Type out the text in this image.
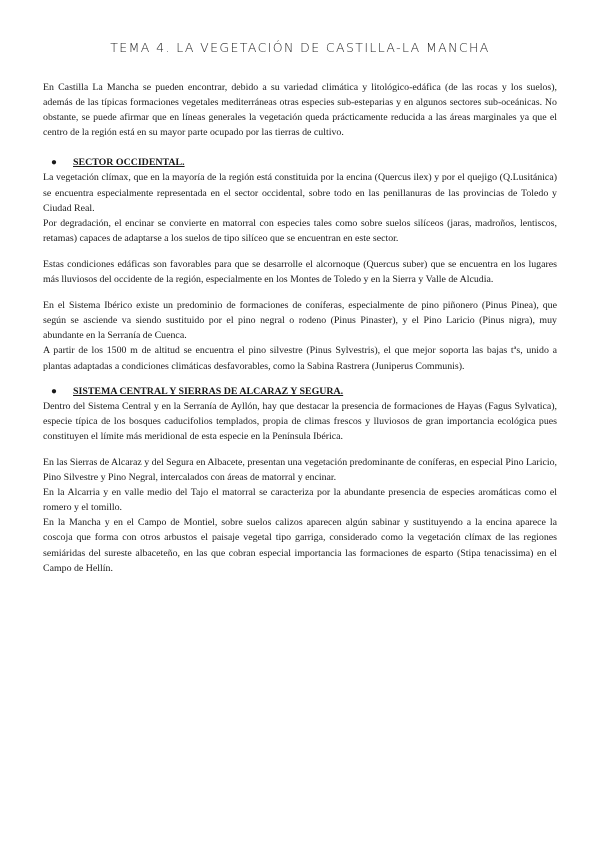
TEMA 4. LA VEGETACIÓN DE CASTILLA-LA MANCHA

En Castilla La Mancha se pueden encontrar, debido a su variedad climática y litológico-edáfica (de las rocas y los suelos), además de las típicas formaciones vegetales mediterráneas otras especies sub-esteparias y en algunos sectores sub-oceánicas. No obstante, se puede afirmar que en líneas generales la vegetación queda prácticamente reducida a las áreas marginales ya que el centro de la región está en su mayor parte ocupado por las tierras de cultivo.

● SECTOR OCCIDENTAL.

La vegetación clímax, que en la mayoría de la región está constituida por la encina (Quercus ilex) y por el quejigo (Q.Lusitánica) se encuentra especialmente representada en el sector occidental, sobre todo en las penillanuras de las provincias de Toledo y Ciudad Real.

Por degradación, el encinar se convierte en matorral con especies tales como sobre suelos silíceos (jaras, madroños, lentiscos, retamas) capaces de adaptarse a los suelos de tipo silíceo que se encuentran en este sector.

Estas condiciones edáficas son favorables para que se desarrolle el alcornoque (Quercus suber) que se encuentra en los lugares más lluviosos del occidente de la región, especialmente en los Montes de Toledo y en la Sierra y Valle de Alcudia.

En el Sistema Ibérico existe un predominio de formaciones de coníferas, especialmente de pino piñonero (Pinus Pinea), que según se asciende va siendo sustituido por el pino negral o rodeno (Pinus Pinaster), y el Pino Laricio (Pinus nigra), muy abundante en la Serranía de Cuenca.

A partir de los 1500 m de altitud se encuentra el pino silvestre (Pinus Sylvestris), el que mejor soporta las bajas tªs, unido a plantas adaptadas a condiciones climáticas desfavorables, como la Sabina Rastrera (Juniperus Communis).

● SISTEMA CENTRAL Y SIERRAS DE ALCARAZ Y SEGURA.

Dentro del Sistema Central y en la Serranía de Ayllón, hay que destacar la presencia de formaciones de Hayas (Fagus Sylvatica), especie típica de los bosques caducifolios templados, propia de climas frescos y lluviosos de gran importancia ecológica pues constituyen el límite más meridional de esta especie en la Península Ibérica.

En las Sierras de Alcaraz y del Segura en Albacete, presentan una vegetación predominante de coníferas, en especial Pino Laricio, Pino Silvestre y Pino Negral, intercalados con áreas de matorral y encinar.

En la Alcarria y en valle medio del Tajo el matorral se caracteriza por la abundante presencia de especies aromáticas como el romero y el tomillo.

En la Mancha y en el Campo de Montiel, sobre suelos calizos aparecen algún sabinar y sustituyendo a la encina aparece la coscoja que forma con otros arbustos el paisaje vegetal tipo garriga, considerado como la vegetación clímax de las regiones semiáridas del sureste albaceteño, en las que cobran especial importancia las formaciones de esparto (Stipa tenacissima) en el Campo de Hellín.
